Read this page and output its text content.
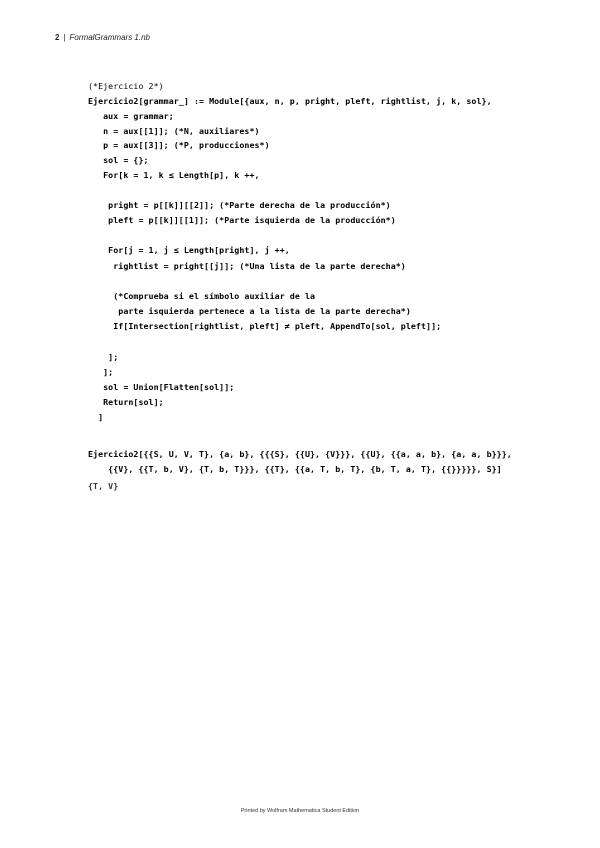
2 | FormalGrammars 1.nb
(*Ejercicio 2*)
Ejercicio2[grammar_] := Module[{aux, n, p, pright, pleft, rightlist, j, k, sol},
aux = grammar;
n = aux[[1]]; (*N, auxiliares*)
p = aux[[3]]; (*P, producciones*)
sol = {};
For[k = 1, k ≤ Length[p], k ++,
pright = p[[k]][[2]]; (*Parte derecha de la producción*)
pleft = p[[k]][[1]]; (*Parte isquierda de la producción*)
For[j = 1, j ≤ Length[pright], j ++,
rightlist = pright[[j]]; (*Una lista de la parte derecha*)
(*Comprueba si el símbolo auxiliar de la
parte isquierda pertenece a la lista de la parte derecha*)
If[Intersection[rightlist, pleft] ≠ pleft, AppendTo[sol, pleft]];
];
];
sol = Union[Flatten[sol]];
Return[sol];
]
Ejercicio2[{{S, U, V, T}, {a, b}, {{{S}, {{U}, {V}}}, {{U}, {{a, a, b}, {a, a, b}}},
{{V}, {{T, b, V}, {T, b, T}}}, {{T}, {{a, T, b, T}, {b, T, a, T}, {{}}}}}, S}]
{T, V}
Printed by Wolfram Mathematica Student Edition
